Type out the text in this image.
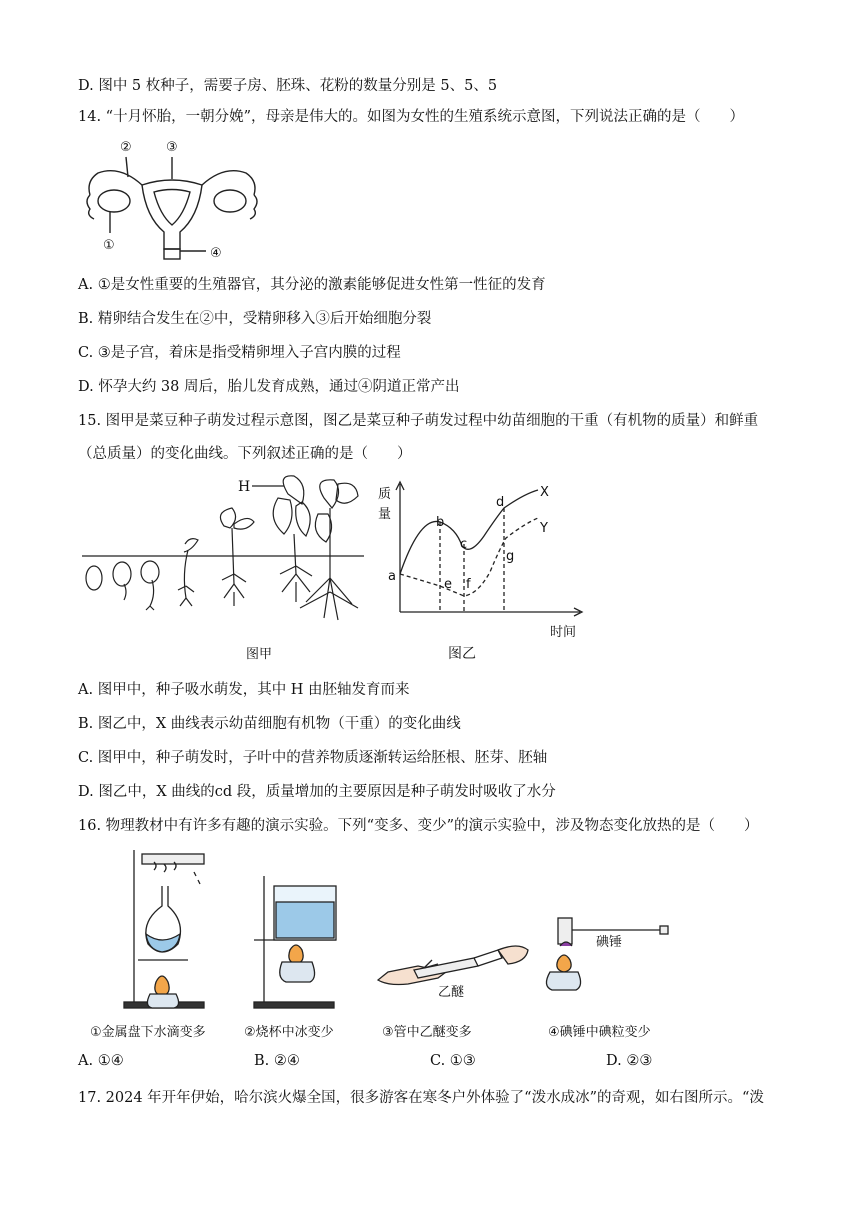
D. 图中 5 枚种子，需要子房、胚珠、花粉的数量分别是 5、5、5
14. “十月怀胎，一朝分娩”，母亲是伟大的。如图为女性的生殖系统示意图，下列说法正确的是（　　）
①
②	③
④
A. ①是女性重要的生殖器官，其分泌的激素能够促进女性第一性征的发育
B. 精卵结合发生在②中，受精卵移入③后开始细胞分裂
C. ③是子宫，着床是指受精卵埋入子宫内膜的过程
D. 怀孕大约 38 周后，胎儿发育成熟，通过④阴道正常产出
15. 图甲是菜豆种子萌发过程示意图，图乙是菜豆种子萌发过程中幼苗细胞的干重（有机物的质量）和鲜重
（总质量）的变化曲线。下列叙述正确的是（　　）
H
图甲
质
量
时间
a
b
c
d
e f
g
X
Y
图乙
A. 图甲中，种子吸水萌发，其中 H 由胚轴发育而来
B. 图乙中，X 曲线表示幼苗细胞有机物（干重）的变化曲线
C. 图甲中，种子萌发时，子叶中的营养物质逐渐转运给胚根、胚芽、胚轴
D. 图乙中，X 曲线的cd 段，质量增加的主要原因是种子萌发时吸收了水分
16. 物理教材中有许多有趣的演示实验。下列“变多、变少”的演示实验中，涉及物态变化放热的是（　　）
乙醚
碘锤
①金属盘下水滴变多	②烧杯中冰变少	③管中乙醚变多	④碘锤中碘粒变少
A. ①④	B. ②④	C. ①③	D. ②③
17. 2024 年开年伊始，哈尔滨火爆全国，很多游客在寒冬户外体验了“泼水成冰”的奇观，如右图所示。“泼
